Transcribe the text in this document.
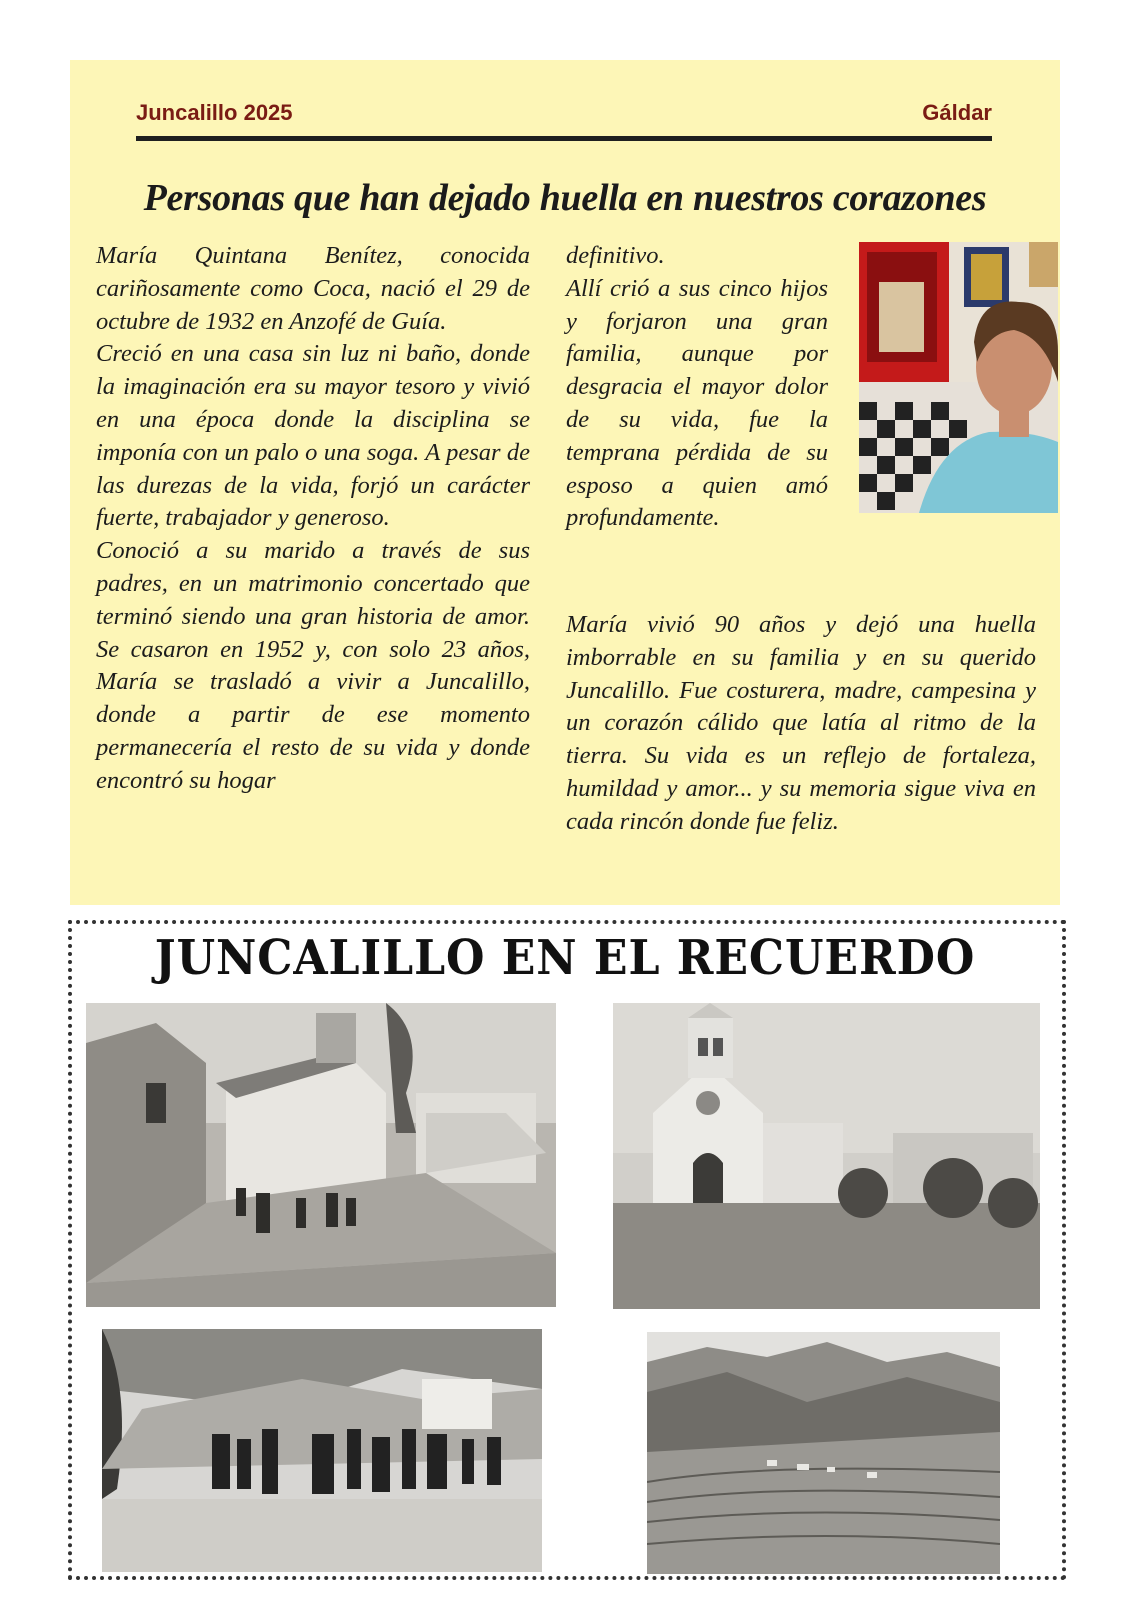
Juncalillo 2025	Gáldar
Personas que han dejado huella en nuestros corazones

María Quintana Benítez, conocida cariñosamente como Coca, nació el 29 de octubre de 1932 en Anzofé de Guía.

Creció en una casa sin luz ni baño, donde la imaginación era su mayor tesoro y vivió en una época donde la disciplina se imponía con un palo o una soga. A pesar de las durezas de la vida, forjó un carácter fuerte, trabajador y generoso.

Conoció a su marido a través de sus padres, en un matrimonio concertado que terminó siendo una gran historia de amor. Se casaron en 1952 y, con solo 23 años, María se trasladó a vivir a Juncalillo, donde a partir de ese momento permanecería el resto de su vida y donde encontró su hogar

definitivo.

Allí crió a sus cinco hijos y forjaron una gran familia, aunque por desgracia el mayor dolor de su vida, fue la temprana pérdida de su esposo a quien amó profundamente.

María vivió 90 años y dejó una huella imborrable en su familia y en su querido Juncalillo. Fue costurera, madre, campesina y un corazón cálido que latía al ritmo de la tierra. Su vida es un reflejo de fortaleza, humildad y amor... y su memoria sigue viva en cada rincón donde fue feliz.

JUNCALILLO EN EL RECUERDO
